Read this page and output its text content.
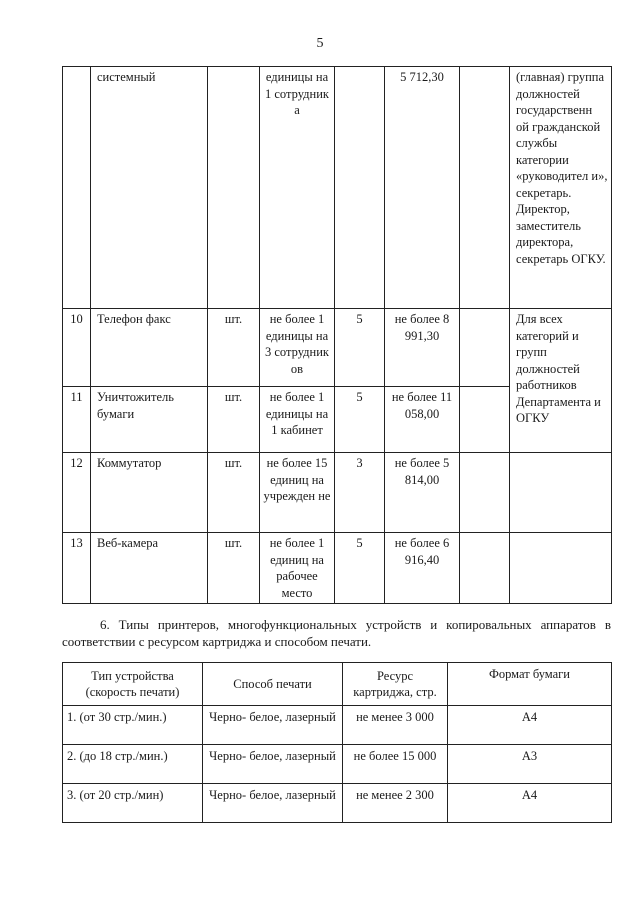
5
	системный		единицы на 1 сотрудник а		5 712,30		(главная) группа должностей государственн ой гражданской службы категории «руководител и», секретарь. Директор, заместитель директора, секретарь ОГКУ.
10	Телефон факс	шт.	не более 1 единицы на 3 сотрудник ов	5	не более 8 991,30		Для всех категорий и групп должностей работников Департамента и ОГКУ
11	Уничтожитель бумаги	шт.	не более 1 единицы на 1 кабинет	5	не более 11 058,00		
12	Коммутатор	шт.	не более 15 единиц на учрежден не	3	не более 5 814,00		
13	Веб-камера	шт.	не более 1 единиц на рабочее место	5	не более 6 916,40		
6. Типы принтеров, многофункциональных устройств и копировальных аппаратов в соответствии с ресурсом картриджа и способом печати.
Тип устройства (скорость печати)	Способ печати	Ресурс картриджа, стр.	Формат бумаги
1. (от 30 стр./мин.)	Черно- белое, лазерный	не менее 3 000	А4
2. (до 18 стр./мин.)	Черно- белое, лазерный	не более 15 000	А3
3. (от 20 стр./мин)	Черно- белое, лазерный	не менее 2 300	А4
